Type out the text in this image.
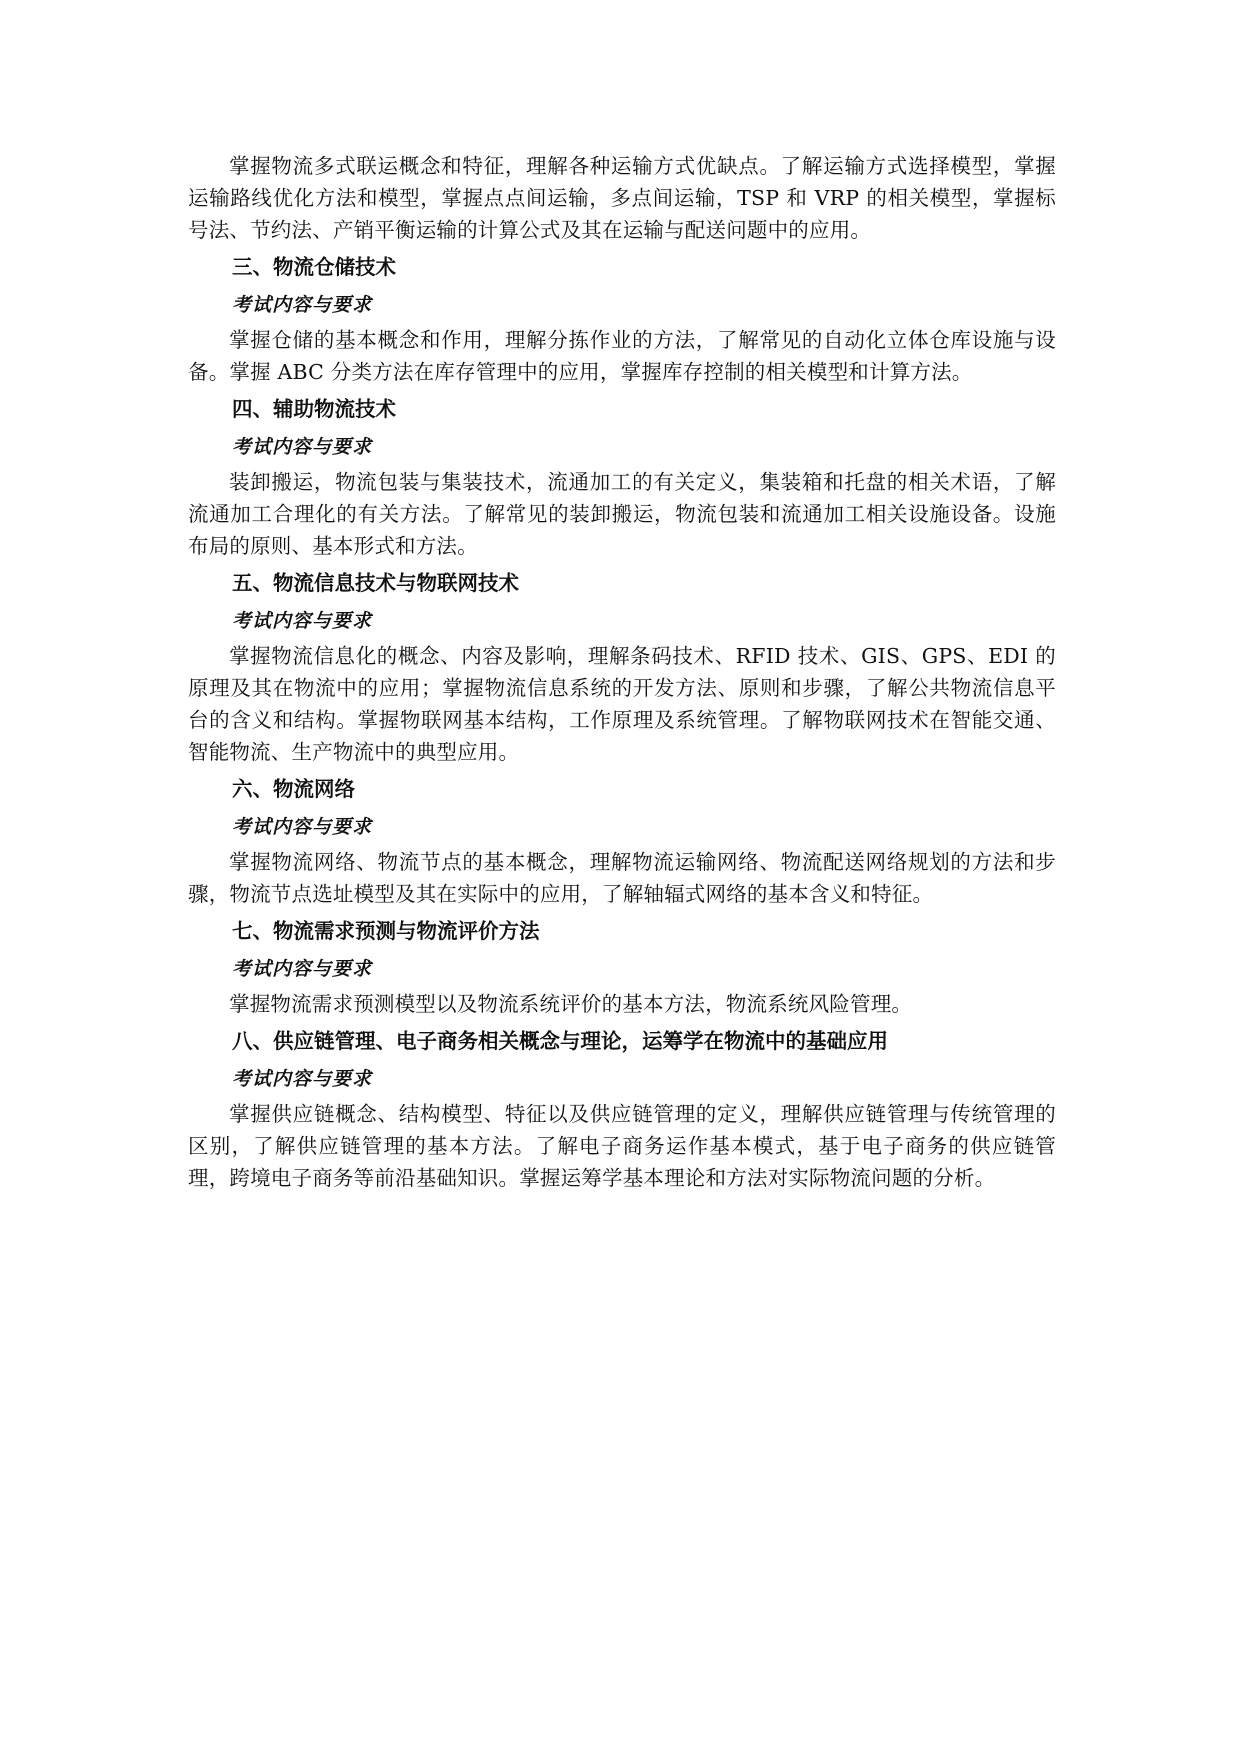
掌握物流多式联运概念和特征，理解各种运输方式优缺点。了解运输方式选择模型，掌握运输路线优化方法和模型，掌握点点间运输，多点间运输，TSP 和 VRP 的相关模型，掌握标号法、节约法、产销平衡运输的计算公式及其在运输与配送问题中的应用。

三、物流仓储技术
考试内容与要求

掌握仓储的基本概念和作用，理解分拣作业的方法，了解常见的自动化立体仓库设施与设备。掌握 ABC 分类方法在库存管理中的应用，掌握库存控制的相关模型和计算方法。

四、辅助物流技术
考试内容与要求

装卸搬运，物流包装与集装技术，流通加工的有关定义，集装箱和托盘的相关术语，了解流通加工合理化的有关方法。了解常见的装卸搬运，物流包装和流通加工相关设施设备。设施布局的原则、基本形式和方法。

五、物流信息技术与物联网技术
考试内容与要求

掌握物流信息化的概念、内容及影响，理解条码技术、RFID 技术、GIS、GPS、EDI 的原理及其在物流中的应用；掌握物流信息系统的开发方法、原则和步骤，了解公共物流信息平台的含义和结构。掌握物联网基本结构，工作原理及系统管理。了解物联网技术在智能交通、智能物流、生产物流中的典型应用。

六、物流网络
考试内容与要求

掌握物流网络、物流节点的基本概念，理解物流运输网络、物流配送网络规划的方法和步骤，物流节点选址模型及其在实际中的应用，了解轴辐式网络的基本含义和特征。

七、物流需求预测与物流评价方法
考试内容与要求

掌握物流需求预测模型以及物流系统评价的基本方法，物流系统风险管理。

八、供应链管理、电子商务相关概念与理论，运筹学在物流中的基础应用
考试内容与要求

掌握供应链概念、结构模型、特征以及供应链管理的定义，理解供应链管理与传统管理的区别，了解供应链管理的基本方法。了解电子商务运作基本模式，基于电子商务的供应链管理，跨境电子商务等前沿基础知识。掌握运筹学基本理论和方法对实际物流问题的分析。
